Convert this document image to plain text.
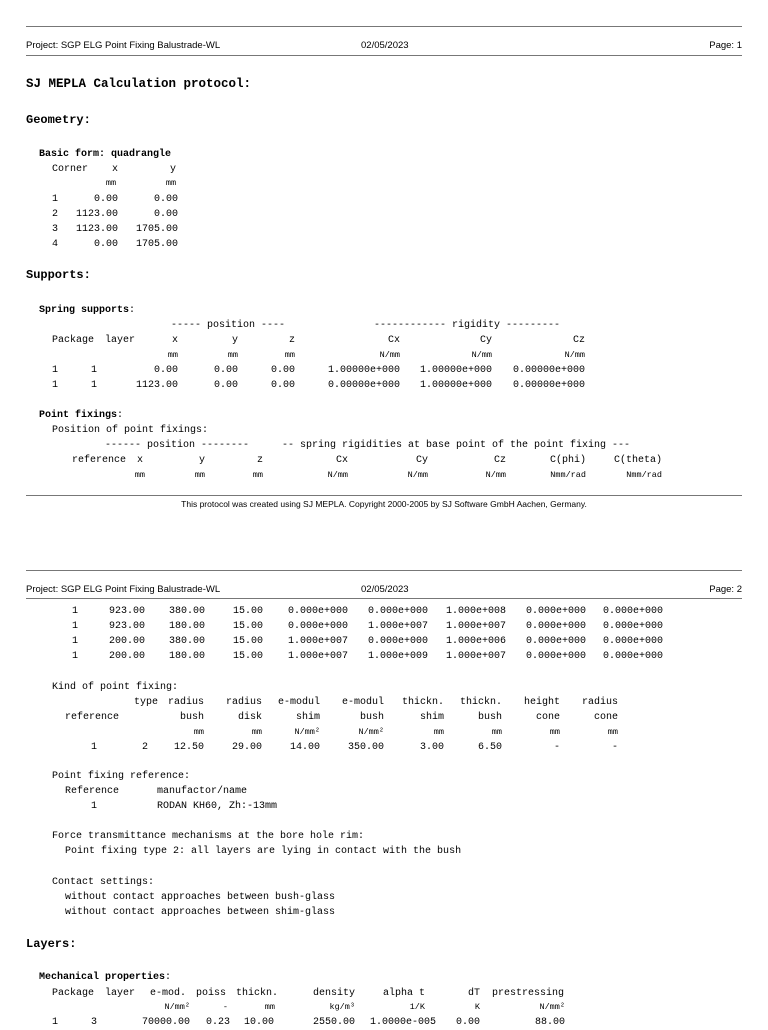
Project: SGP ELG Point Fixing Balustrade-WL	02/05/2023	Page: 1
SJ MEPLA Calculation protocol:
Geometry:
Basic form: quadrangle
Corner	x	y
mm	mm
1	0.00	0.00
2	1123.00	0.00
3	1123.00	1705.00
4	0.00	1705.00
Supports:
Spring supports:
----- position ----	------------ rigidity ---------
Package layer	x	y	z	Cx	Cy	Cz
mm	mm	mm	N/mm	N/mm	N/mm
1	1	0.00	0.00	0.00	1.00000e+000	1.00000e+000	0.00000e+000
1	1	1123.00	0.00	0.00	0.00000e+000	1.00000e+000	0.00000e+000
Point fixings:
Position of point fixings:
------ position --------	-- spring rigidities at base point of the point fixing ---
reference x	y	z	Cx	Cy	Cz	C(phi)	C(theta)
mm	mm	mm	N/mm	N/mm	N/mm	Nmm/rad	Nmm/rad
This protocol was created using SJ MEPLA. Copyright 2000-2005 by SJ Software GmbH Aachen, Germany.
Project: SGP ELG Point Fixing Balustrade-WL	02/05/2023	Page: 2
1	923.00	380.00	15.00	0.000e+000	0.000e+000	1.000e+008	0.000e+000	0.000e+000
1	923.00	180.00	15.00	0.000e+000	1.000e+007	1.000e+007	0.000e+000	0.000e+000
1	200.00	380.00	15.00	1.000e+007	0.000e+000	1.000e+006	0.000e+000	0.000e+000
1	200.00	180.00	15.00	1.000e+007	1.000e+009	1.000e+007	0.000e+000	0.000e+000
Kind of point fixing:
type radius	radius	e-modul	e-modul	thickn.	thickn.	height	radius
reference	bush	disk	shim	bush	shim	bush	cone	cone
mm	mm	N/mm²	N/mm²	mm	mm	mm	mm
1	2	12.50	29.00	14.00	350.00	3.00	6.50	-	-
Point fixing reference:
Reference	manufactor/name
1	RODAN KH60, Zh:-13mm
Force transmittance mechanisms at the bore hole rim:
Point fixing type 2: all layers are lying in contact with the bush
Contact settings:
without contact approaches between bush-glass
without contact approaches between shim-glass
Layers:
Mechanical properties:
Package layer e-mod. poiss thickn.	density	alpha t	dT prestressing
N/mm²	-	mm	kg/m³	1/K	K	N/mm²
1	3	70000.00	0.23	10.00	2550.00	1.0000e-005	0.00	88.00
